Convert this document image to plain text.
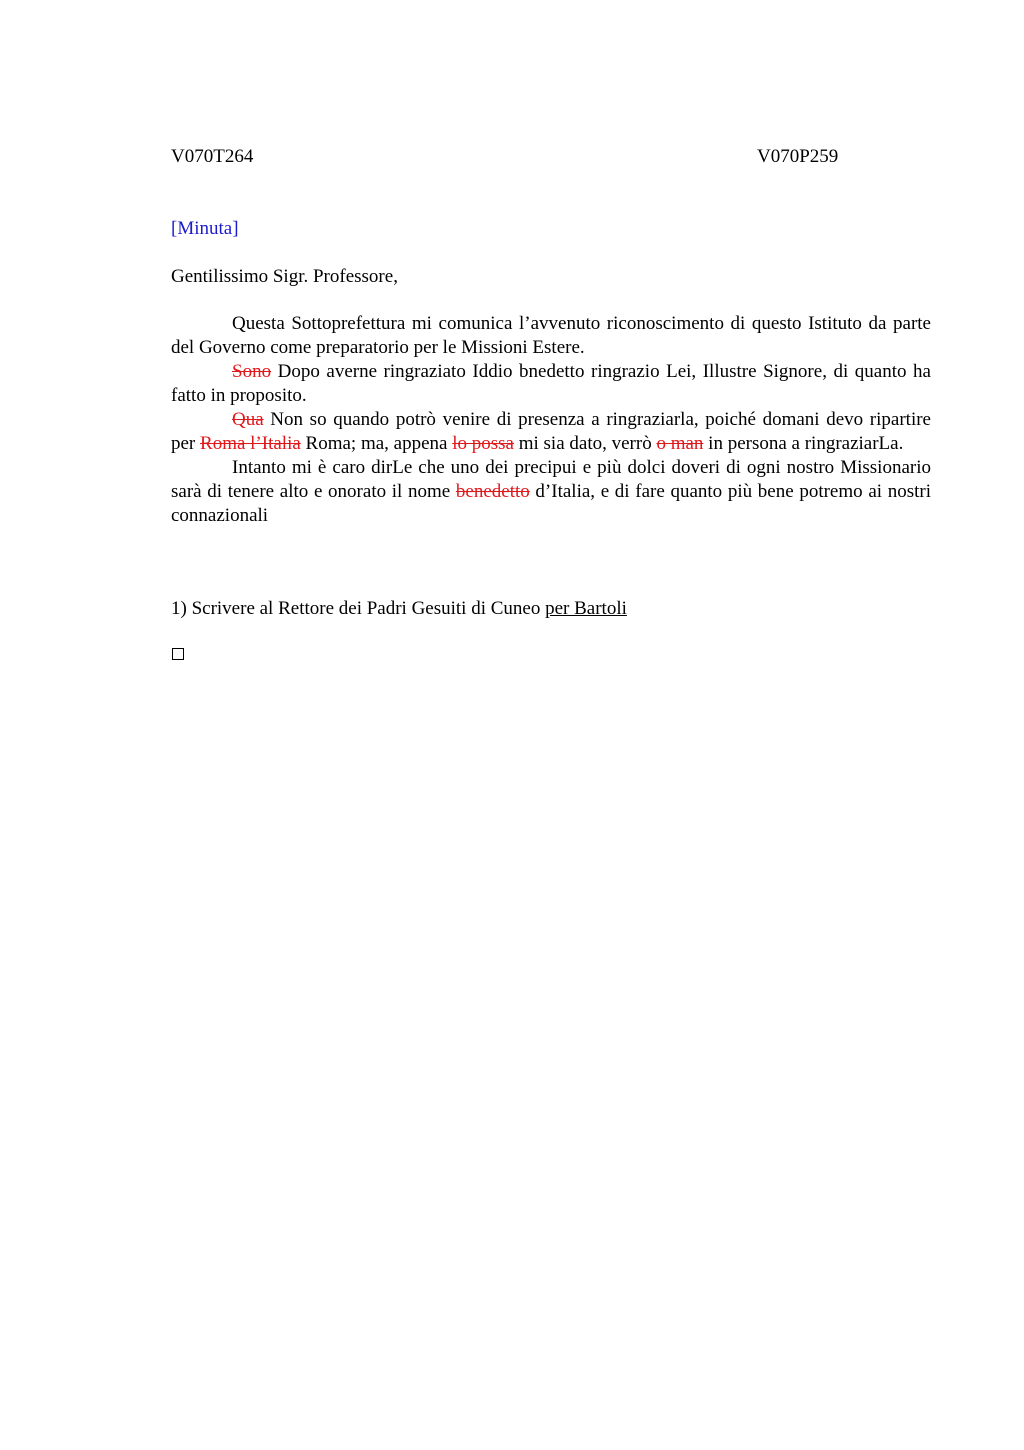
V070T264	V070P259
[Minuta]
Gentilissimo Sigr. Professore,

Questa Sottoprefettura mi comunica l’avvenuto riconoscimento di questo Istituto da parte del Governo come preparatorio per le Missioni Estere.

Sono Dopo averne ringraziato Iddio bnedetto ringrazio Lei, Illustre Signore, di quanto ha fatto in proposito.

Qua Non so quando potrò venire di presenza a ringraziarla, poiché domani devo ripartire per Roma l’Italia Roma; ma, appena lo possa mi sia dato, verrò o man in persona a ringraziarLa.

Intanto mi è caro dirLe che uno dei precipui e più dolci doveri di ogni nostro Missionario sarà di tenere alto e onorato il nome benedetto d’Italia, e di fare quanto più bene potremo ai nostri connazionali

1) Scrivere al Rettore dei Padri Gesuiti di Cuneo per Bartoli
